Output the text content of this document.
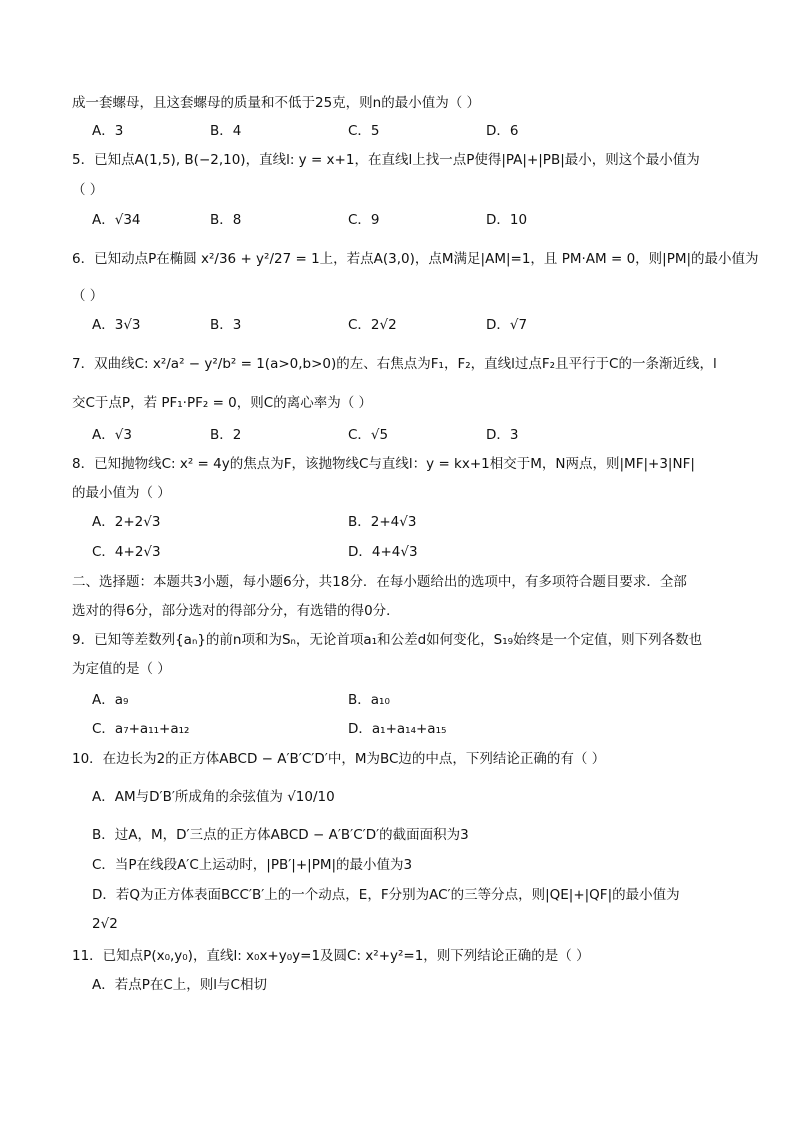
成一套螺母，且这套螺母的质量和不低于25克，则n的最小值为（ ）
A．3	B．4	C．5	D．6
5．已知点A(1,5), B(−2,10)，直线l: y = x+1，在直线l上找一点P使得|PA|+|PB|最小，则这个最小值为
（ ）
A．√34	B．8	C．9	D．10
6．已知动点P在椭圆 x²/36 + y²/27 = 1上，若点A(3,0)，点M满足|AM|=1，且 PM·AM = 0，则|PM|的最小值为
（ ）
A．3√3	B．3	C．2√2	D．√7
7．双曲线C: x²/a² − y²/b² = 1(a>0,b>0)的左、右焦点为F₁，F₂，直线l过点F₂且平行于C的一条渐近线，l
交C于点P，若 PF₁·PF₂ = 0，则C的离心率为（ ）
A．√3	B．2	C．√5	D．3
8．已知抛物线C: x² = 4y的焦点为F，该抛物线C与直线l：y = kx+1相交于M，N两点，则|MF|+3|NF|
的最小值为（ ）
A．2+2√3	B．2+4√3
C．4+2√3	D．4+4√3
二、选择题：本题共3小题，每小题6分，共18分．在每小题给出的选项中，有多项符合题目要求．全部
选对的得6分，部分选对的得部分分，有选错的得0分．
9．已知等差数列{aₙ}的前n项和为Sₙ，无论首项a₁和公差d如何变化，S₁₉始终是一个定值，则下列各数也
为定值的是（ ）
A．a₉	B．a₁₀
C．a₇+a₁₁+a₁₂	D．a₁+a₁₄+a₁₅
10．在边长为2的正方体ABCD − A′B′C′D′中，M为BC边的中点，下列结论正确的有（ ）
A．AM与D′B′所成角的余弦值为 √10/10
B．过A，M，D′三点的正方体ABCD − A′B′C′D′的截面面积为3
C．当P在线段A′C上运动时，|PB′|+|PM|的最小值为3
D．若Q为正方体表面BCC′B′上的一个动点，E，F分别为AC′的三等分点，则|QE|+|QF|的最小值为
2√2
11．已知点P(x₀,y₀)，直线l: x₀x+y₀y=1及圆C: x²+y²=1，则下列结论正确的是（ ）
A．若点P在C上，则l与C相切
